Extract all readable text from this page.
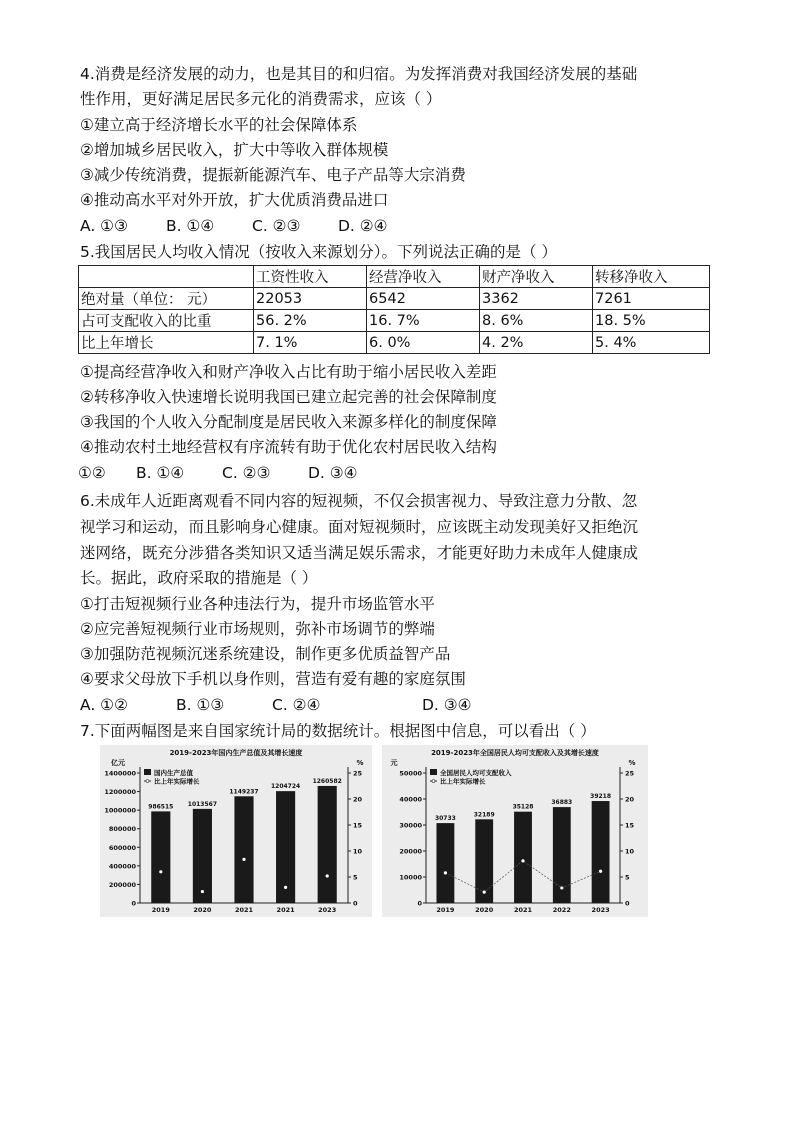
4.消费是经济发展的动力，也是其目的和归宿。为发挥消费对我国经济发展的基础
性作用，更好满足居民多元化的消费需求，应该（ ）
①建立高于经济增长水平的社会保障体系
②增加城乡居民收入，扩大中等收入群体规模
③减少传统消费，提振新能源汽车、电子产品等大宗消费
④推动高水平对外开放，扩大优质消费品进口
A. ①③ B. ①④ C. ②③ D. ②④
5.我国居民人均收入情况（按收入来源划分）。下列说法正确的是（ ）
	工资性收入	经营净收入	财产净收入	转移净收入
绝对量（单位： 元）	22053	6542	3362	7261
占可支配收入的比重	56. 2%	16. 7%	8. 6%	18. 5%
比上年增长	7. 1%	6. 0%	4. 2%	5. 4%
①提高经营净收入和财产净收入占比有助于缩小居民收入差距
②转移净收入快速增长说明我国已建立起完善的社会保障制度
③我国的个人收入分配制度是居民收入来源多样化的制度保障
④推动农村土地经营权有序流转有助于优化农村居民收入结构
①② B. ①④ C. ②③ D. ③④
6.未成年人近距离观看不同内容的短视频，不仅会损害视力、导致注意力分散、忽
视学习和运动，而且影响身心健康。面对短视频时，应该既主动发现美好又拒绝沉
迷网络，既充分涉猎各类知识又适当满足娱乐需求，才能更好助力未成年人健康成
长。据此，政府采取的措施是（ ）
①打击短视频行业各种违法行为，提升市场监管水平
②应完善短视频行业市场规则，弥补市场调节的弊端
③加强防范视频沉迷系统建设，制作更多优质益智产品
④要求父母放下手机以身作则，营造有爱有趣的家庭氛围
A. ①②	B. ①③	C. ②④	D. ③④
7.下面两幅图是来自国家统计局的数据统计。根据图中信息，可以看出（ ）
2019-2023年国内生产总值及其增长速度
亿元	%
0
200000
400000
600000
800000
1000000
1200000
1400000
0
5
10
15
20
25
国内生产总值
比上年实际增长
986515
2019
1013567
2020
1149237
2021
1204724
2021
1260582
2023
2019-2023年全国居民人均可支配收入及其增长速度
元	%
0
10000
20000
30000
40000
50000
0
5
10
15
20
25
全国居民人均可支配收入
比上年实际增长
30733
2019
32189
2020
35128
2021
36883
2022
39218
2023
